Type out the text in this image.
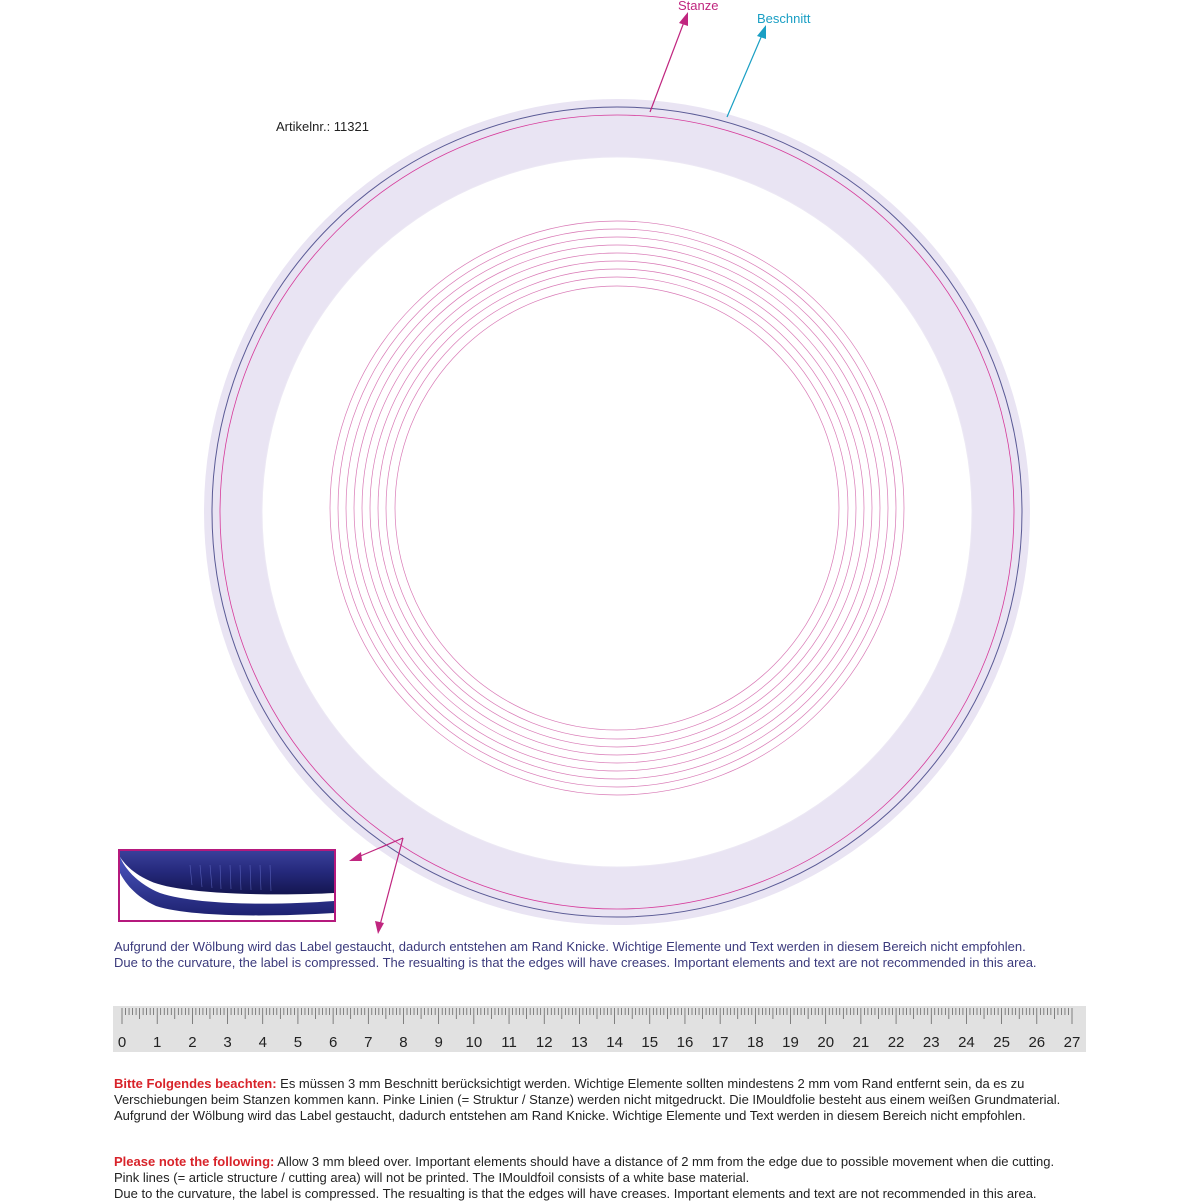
Stanze
Beschnitt
Artikelnr.: 11321
Aufgrund der Wölbung wird das Label gestaucht, dadurch entstehen am Rand Knicke. Wichtige Elemente und Text werden in diesem Bereich nicht empfohlen.
Due to the curvature, the label is compressed. The resualting is that the edges will have creases. Important elements and text are not recommended in this area.
0 1 2 3 4 5 6 7 8 9 10 11 12 13 14 15 16 17 18 19 20 21 22 23 24 25 26 27
Bitte Folgendes beachten: Es müssen 3 mm Beschnitt berücksichtigt werden. Wichtige Elemente sollten mindestens 2 mm vom Rand entfernt sein, da es zu
Verschiebungen beim Stanzen kommen kann. Pinke Linien (= Struktur / Stanze) werden nicht mitgedruckt. Die IMouldfolie besteht aus einem weißen Grundmaterial.
Aufgrund der Wölbung wird das Label gestaucht, dadurch entstehen am Rand Knicke. Wichtige Elemente und Text werden in diesem Bereich nicht empfohlen.
Please note the following: Allow 3 mm bleed over. Important elements should have a distance of 2 mm from the edge due to possible movement when die cutting.
Pink lines (= article structure / cutting area) will not be printed. The IMouldfoil consists of a white base material.
Due to the curvature, the label is compressed. The resualting is that the edges will have creases. Important elements and text are not recommended in this area.
